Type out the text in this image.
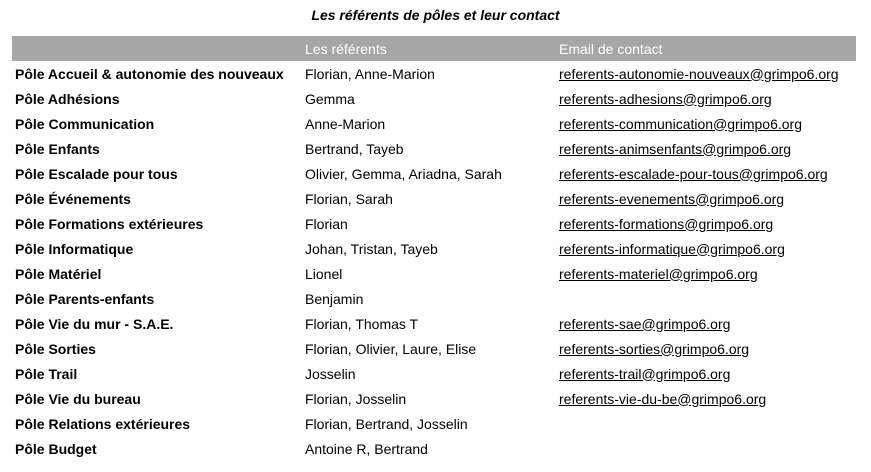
Les référents de pôles et leur contact
	Les référents	Email de contact
Pôle Accueil & autonomie des nouveaux	Florian, Anne-Marion	referents-autonomie-nouveaux@grimpo6.org
Pôle Adhésions	Gemma	referents-adhesions@grimpo6.org
Pôle Communication	Anne-Marion	referents-communication@grimpo6.org
Pôle Enfants	Bertrand, Tayeb	referents-animsenfants@grimpo6.org
Pôle Escalade pour tous	Olivier, Gemma, Ariadna, Sarah	referents-escalade-pour-tous@grimpo6.org
Pôle Événements	Florian, Sarah	referents-evenements@grimpo6.org
Pôle Formations extérieures	Florian	referents-formations@grimpo6.org
Pôle Informatique	Johan, Tristan, Tayeb	referents-informatique@grimpo6.org
Pôle Matériel	Lionel	referents-materiel@grimpo6.org
Pôle Parents-enfants	Benjamin	
Pôle Vie du mur - S.A.E.	Florian, Thomas T	referents-sae@grimpo6.org
Pôle Sorties	Florian, Olivier, Laure, Elise	referents-sorties@grimpo6.org
Pôle Trail	Josselin	referents-trail@grimpo6.org
Pôle Vie du bureau	Florian, Josselin	referents-vie-du-be@grimpo6.org
Pôle Relations extérieures	Florian, Bertrand, Josselin	
Pôle Budget	Antoine R, Bertrand	
